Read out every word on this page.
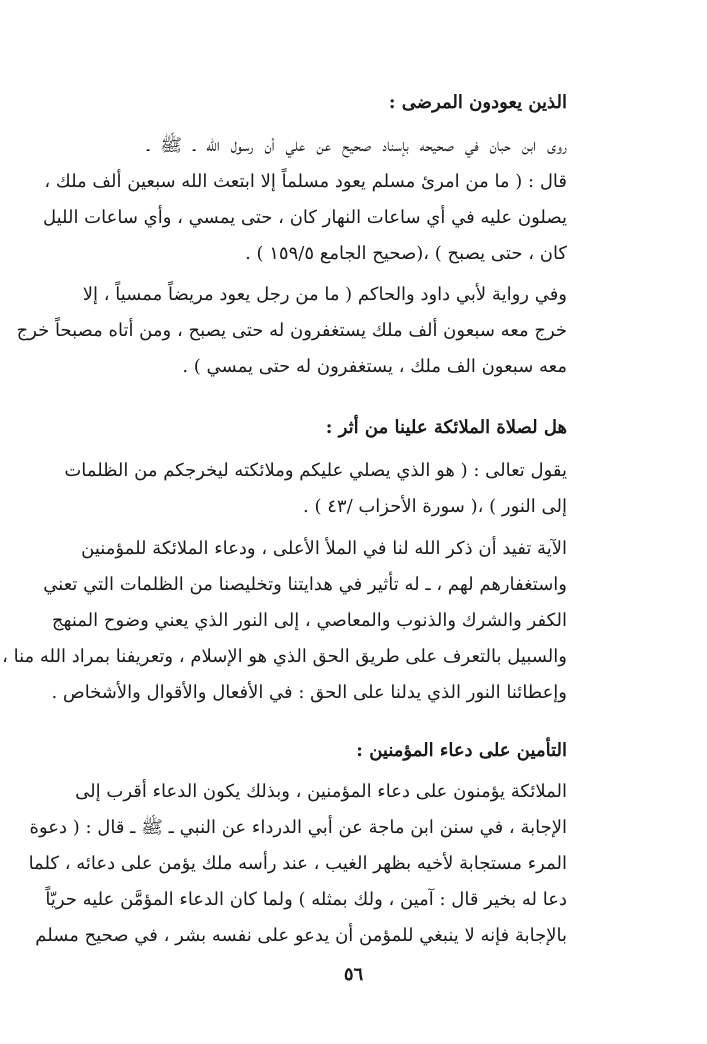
الذين يعودون المرضى :
روى ابن حبان في صحيحه بإسناد صحيح عن علي أن رسول الله ـ ﷺ ـ
قال : ( ما من امرئ مسلم يعود مسلماً إلا ابتعث الله سبعين ألف ملك ،
يصلون عليه في أي ساعات النهار كان ، حتى يمسي ، وأي ساعات الليل
كان ، حتى يصبح ) ،(صحيح الجامع ١٥٩/٥ ) .
وفي رواية لأبي داود والحاكم ( ما من رجل يعود مريضاً ممسياً ، إلا
خرج معه سبعون ألف ملك يستغفرون له حتى يصبح ، ومن أتاه مصبحاً خرج
معه سبعون الف ملك ، يستغفرون له حتى يمسي ) .
هل لصلاة الملائكة علينا من أثر :
يقول تعالى : ( هو الذي يصلي عليكم وملائكته ليخرجكم من الظلمات
إلى النور ) ،( سورة الأحزاب /٤٣ ) .
الآية تفيد أن ذكر الله لنا في الملأ الأعلى ، ودعاء الملائكة للمؤمنين
واستغفارهم لهم ، ـ له تأثير في هدايتنا وتخليصنا من الظلمات التي تعني
الكفر والشرك والذنوب والمعاصي ، إلى النور الذي يعني وضوح المنهج
والسبيل بالتعرف على طريق الحق الذي هو الإسلام ، وتعريفنا بمراد الله منا ،
وإعطائنا النور الذي يدلنا على الحق : في الأفعال والأقوال والأشخاص .
التأمين على دعاء المؤمنين :
الملائكة يؤمنون على دعاء المؤمنين ، وبذلك يكون الدعاء أقرب إلى
الإجابة ، في سنن ابن ماجة عن أبي الدرداء عن النبي ـ ﷺ ـ قال : ( دعوة
المرء مستجابة لأخيه بظهر الغيب ، عند رأسه ملك يؤمن على دعائه ، كلما
دعا له بخير قال : آمين ، ولك بمثله ) ولما كان الدعاء المؤمَّن عليه حريّاً
بالإجابة فإنه لا ينبغي للمؤمن أن يدعو على نفسه بشر ، في صحيح مسلم
٥٦
